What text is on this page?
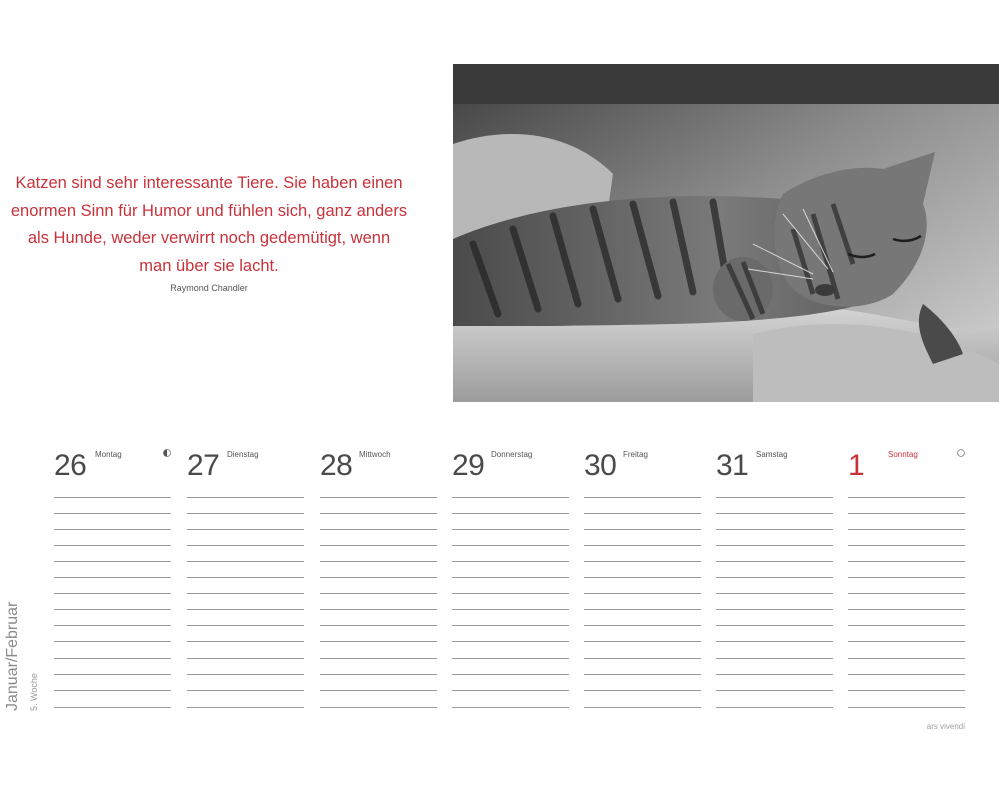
Katzen sind sehr interessante Tiere. Sie haben einen
enormen Sinn für Humor und fühlen sich, ganz anders
als Hunde, weder verwirrt noch gedemütigt, wenn
man über sie lacht.
Raymond Chandler
Januar/Februar 5. Woche
26 Montag 27 Dienstag 28 Mittwoch 29 Donnerstag 30 Freitag 31 Samstag 1	Sonntag
ars vivendi
